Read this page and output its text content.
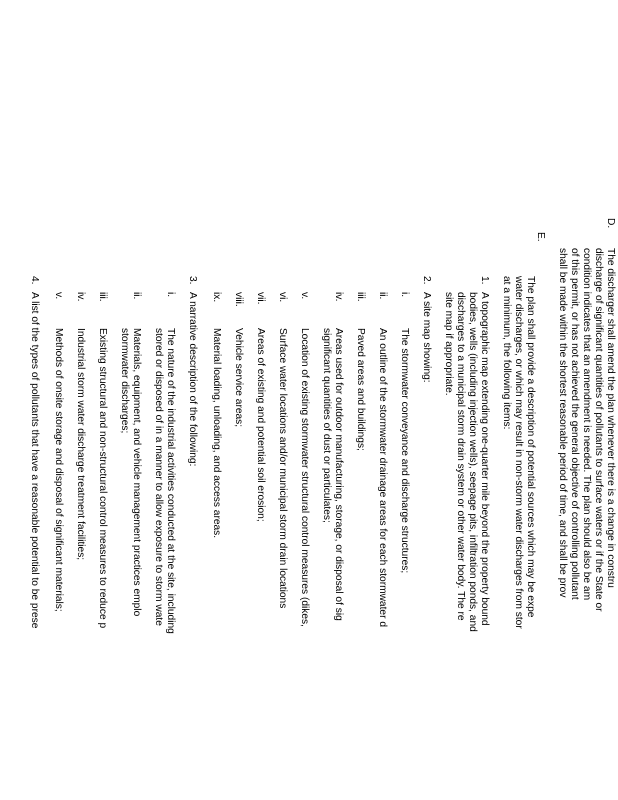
D.
The discharger shall amend the plan whenever there is a change in constru
discharge of significant quantities of pollutants to surface waters or if the State or
condition indicates that an amendment is needed. The plan should also be am
of this permit, or has not achieved the general objective of controlling pollutant
shall be made within the shortest reasonable period of time, and shall be prov
E.
The plan shall provide a description of potential sources which may be expe
water discharges, or which may result in non-storm water discharges from stor
at a minimum, the following items:
1.
A topographic map extending one-quarter mile beyond the property bound
bodies, wells (including injection wells), seepage pits, infiltration ponds, and
discharges to a municipal storm drain system or other water body. The re
site map if appropriate.
2.
A site map showing:
i.
The stormwater conveyance and discharge structures;
ii.
An outline of the stormwater drainage areas for each stormwater d
iii.
Paved areas and buildings;
iv.
Areas used for outdoor manufacturing, storage, or disposal of sig
significant quantities of dust or particulates;
v.
Location of existing stormwater structural control measures (dikes,
vi.
Surface water locations and/or municipal storm drain locations
vii.
Areas of existing and potential soil erosion;
viii.
Vehicle service areas;
ix.
Material loading, unloading, and access areas.
3.
A narrative description of the following:
i.
The nature of the industrial activities conducted at the site, including
stored or disposed of in a manner to allow exposure to storm wate
ii.
Materials, equipment, and vehicle management practices emplo
stormwater discharges;
iii.
Existing structural and non-structural control measures to reduce p
iv.
Industrial storm water discharge treatment facilities;
v.
Methods of onsite storage and disposal of significant materials;
4.
A list of the types of pollutants that have a reasonable potential to be prese
